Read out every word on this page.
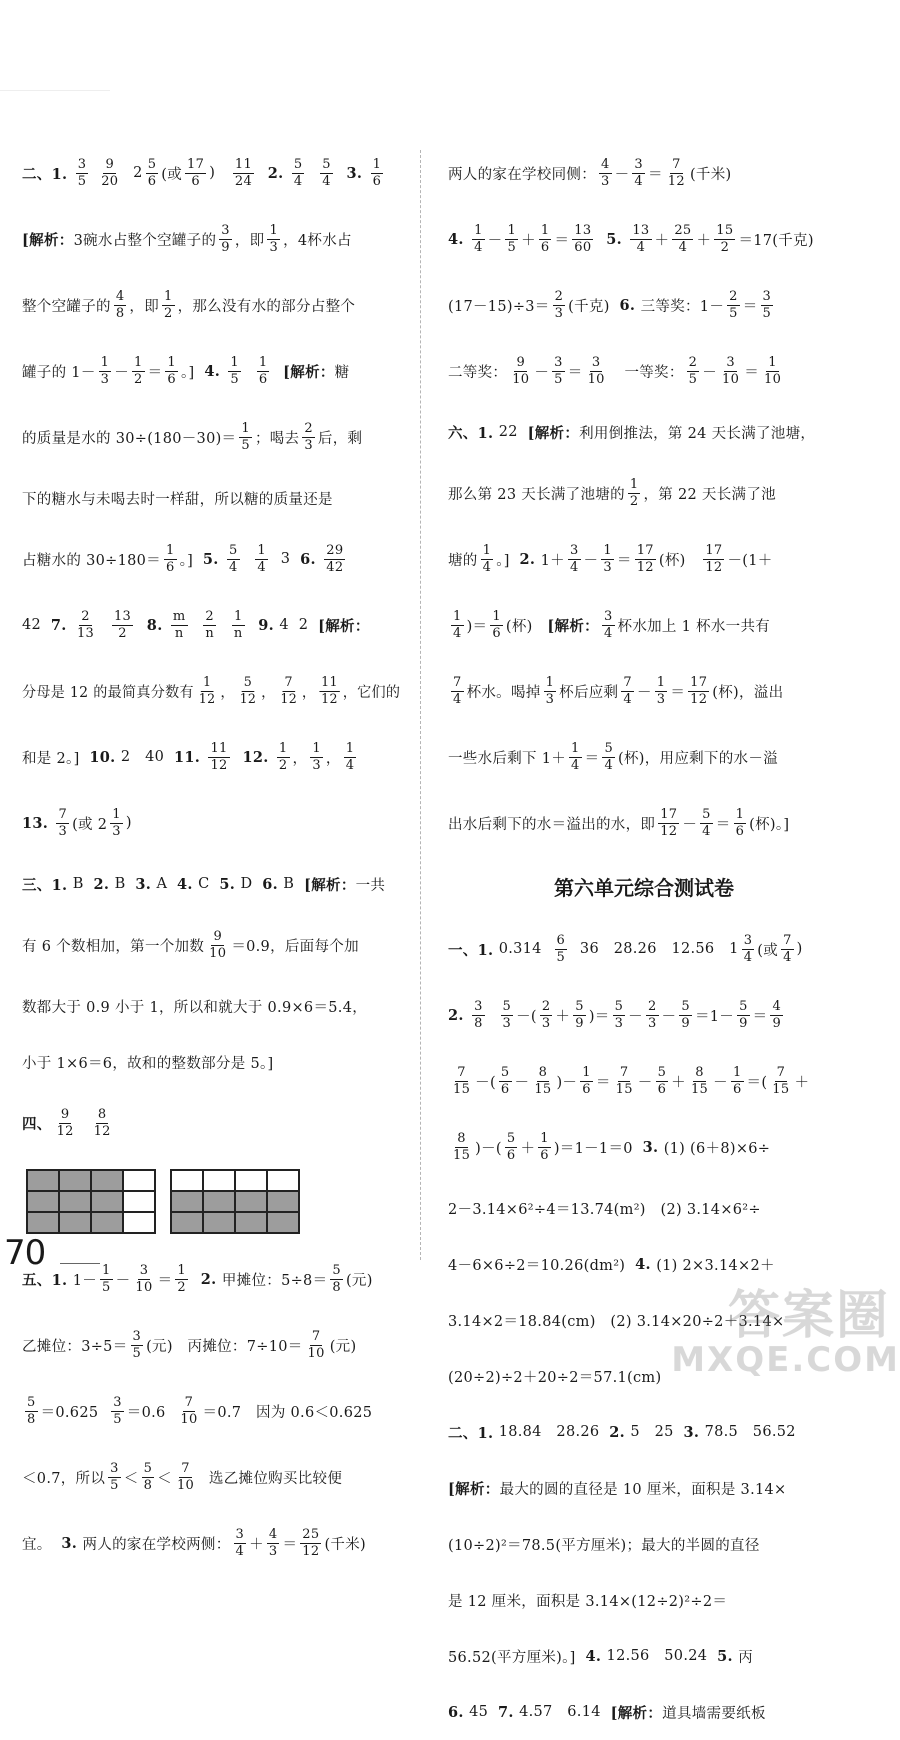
二、1. $\frac{3}{5}$
$\frac{9}{20} 2 \frac{5}{6}$ (或 $\frac{17}{6}$ ) $\frac{11}{24} 2$. $\frac{5}{4}$
$\frac{5}{4} 3$. $\frac{1}{6}$
[解析： 3碗水占整个空罐子的 $\frac{3}{9}$ ，即 $\frac{1}{3}$ ，4杯水占
整个空罐子的 $\frac{4}{8}$ ，即 $\frac{1}{2}$ ，那么没有水的部分占整个
罐子的 $1- \frac{1}{3} - \frac{1}{2} = \frac{1}{6}$ 。] 4. $\frac{1}{5}$
$\frac{1}{6}$ [解析： 糖
的质量是水的 $30\div(180-30)= \frac{1}{5}$ ；喝去 $\frac{2}{3}$ 后，剩
下的糖水与未喝去时一样甜，所以糖的质量还是
占糖水的 $30\div 180= \frac{1}{6}$ 。] 5. $\frac{5}{4}$
$\frac{1}{4} 3$ 6. $\frac{29}{42}$
42 7. $\frac{2}{13}$
$\frac{13}{2} 8$. $\frac{m}{n}$
$\frac{2}{n}$
$\frac{1}{n} 9$. 4  2 [解析：
分母是 12 的最简真分数有 $\frac{1}{12}$ ， $\frac{5}{12}$ ， $\frac{7}{12}$ ， $\frac{11}{12}$ ，它们的
和是 2。] 10. 2   40 11. $\frac{11}{12}$
12. $\frac{1}{2}$ ， $\frac{1}{3}$ ， $\frac{1}{4}$
13. $\frac{7}{3}$ (或 $2 \frac{1}{3}$ )
三、1. B 2. B 3. A 4. C 5. D 6. B [解析： 一共
有 6 个数相加，第一个加数 $\frac{9}{10} =0.9$，后面每个加
数都大于 0.9 小于 1，所以和就大于 0.9×6＝5.4，
小于 1×6＝6，故和的整数部分是 5。]
四、 $\frac{9}{12}$
$\frac{8}{12}$
五、1. $1- \frac{1}{5} - \frac{3}{10} = \frac{1}{2}$
2. 甲摊位：$5\div 8= \frac{5}{8}$ (元)
乙摊位：$3\div 5= \frac{3}{5}$ (元)   丙摊位：$7\div 10= \frac{7}{10}$ (元)
$\frac{5}{8} =0.625 \frac{3}{5} =0.6 \frac{7}{10} =0.7$   因为 0.6＜0.625
＜0.7，所以 $\frac{3}{5} < \frac{5}{8} < \frac{7}{10}$ 选乙摊位购买比较便
宜。 3. 两人的家在学校两侧： $\frac{3}{4} + \frac{4}{3} = \frac{25}{12}$ (千米)
两人的家在学校同侧： $\frac{4}{3} - \frac{3}{4} = \frac{7}{12}$ (千米)
4. $\frac{1}{4} - \frac{1}{5} + \frac{1}{6} = \frac{13}{60}$
5. $\frac{13}{4} + \frac{25}{4} + \frac{15}{2} =17$(千克)
$(17-15)\div 3= \frac{2}{3}$ (千克) 6. 三等奖：$1- \frac{2}{5} = \frac{3}{5}$
二等奖： $\frac{9}{10} - \frac{3}{5} = \frac{3}{10}$ 一等奖： $\frac{2}{5} - \frac{3}{10} = \frac{1}{10}$
六、1. 22 [解析： 利用倒推法，第 24 天长满了池塘，
那么第 23 天长满了池塘的 $\frac{1}{2}$ ，第 22 天长满了池
塘的 $\frac{1}{4}$ 。] 2. $1+ \frac{3}{4} - \frac{1}{3} = \frac{17}{12}$ (杯) $\frac{17}{12} -(1+$
$\frac{1}{4}$ )＝ $\frac{1}{6}$ (杯) [解析： $\frac{3}{4}$ 杯水加上 1 杯水一共有
$\frac{7}{4}$ 杯水。喝掉 $\frac{1}{3}$ 杯后应剩 $\frac{7}{4} - \frac{1}{3} = \frac{17}{12}$ (杯)，溢出
一些水后剩下 $1+ \frac{1}{4} = \frac{5}{4}$ (杯)，用应剩下的水－溢
出水后剩下的水＝溢出的水，即 $\frac{17}{12} - \frac{5}{4} = \frac{1}{6}$ (杯)。]
第六单元综合测试卷
一、1. $0.314 \frac{6}{5} 36$   28.26   12.56   $1 \frac{3}{4}$ (或 $\frac{7}{4}$ )
2. $\frac{3}{8}$
$\frac{5}{3}$ －( $\frac{2}{3} + \frac{5}{9}$ )＝ $\frac{5}{3} - \frac{2}{3} - \frac{5}{9} =1- \frac{5}{9} = \frac{4}{9}$
$\frac{7}{15}$ －( $\frac{5}{6} - \frac{8}{15}$ )－ $\frac{1}{6} = \frac{7}{15} - \frac{5}{6} + \frac{8}{15} - \frac{1}{6}$ ＝( $\frac{7}{15}$ ＋
$\frac{8}{15}$ )－( $\frac{5}{6} + \frac{1}{6} )=1-1=0$ 3. (1) (6＋8)×6÷
2－3.14×6²÷4＝13.74(m²)   (2) 3.14×6²÷
4－6×6÷2＝10.26(dm²) 4. (1) 2×3.14×2＋
3.14×2＝18.84(cm)   (2) 3.14×20÷2＋3.14×
(20÷2)÷2＋20÷2＝57.1(cm)
二、1. 18.84   28.26 2. 5   25 3. 78.5   56.52
[解析： 最大的圆的直径是 10 厘米，面积是 3.14×
(10÷2)²＝78.5(平方厘米)；最大的半圆的直径
是 12 厘米，面积是 3.14×(12÷2)²÷2＝
56.52(平方厘米)。] 4. 12.56   50.24 5. 丙
6. 45 7. 4.57   6.14 [解析： 道具墙需要纸板
70
答案圈
MXQE.COM
